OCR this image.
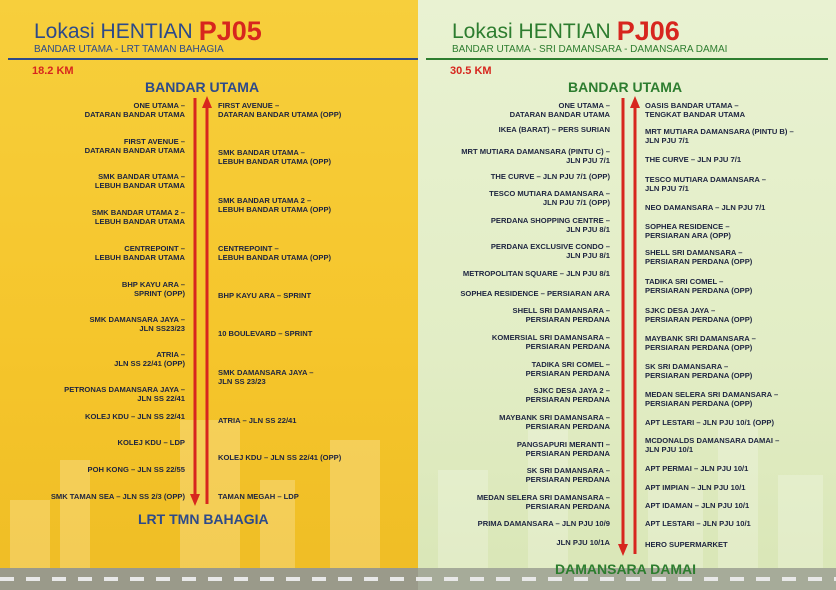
Lokasi HENTIAN PJ05
BANDAR UTAMA - LRT TAMAN BAHAGIA
18.2 KM
BANDAR UTAMA
LRT TMN BAHAGIA
ONE UTAMA –
DATARAN BANDAR UTAMA
FIRST AVENUE –
DATARAN BANDAR UTAMA
SMK BANDAR UTAMA –
LEBUH BANDAR UTAMA
SMK BANDAR UTAMA 2 –
LEBUH BANDAR UTAMA
CENTREPOINT –
LEBUH BANDAR UTAMA
BHP KAYU ARA –
SPRINT (OPP)
SMK DAMANSARA JAYA –
JLN SS23/23
ATRIA –
JLN SS 22/41 (OPP)
PETRONAS DAMANSARA JAYA –
JLN SS 22/41
KOLEJ KDU – JLN SS 22/41
KOLEJ KDU – LDP
POH KONG – JLN SS 22/55
SMK TAMAN SEA – JLN SS 2/3 (OPP)
FIRST AVENUE –
DATARAN BANDAR UTAMA (OPP)
SMK BANDAR UTAMA –
LEBUH BANDAR UTAMA (OPP)
SMK BANDAR UTAMA 2 –
LEBUH BANDAR UTAMA (OPP)
CENTREPOINT –
LEBUH BANDAR UTAMA (OPP)
BHP KAYU ARA – SPRINT
10 BOULEVARD – SPRINT
SMK DAMANSARA JAYA –
JLN SS 23/23
ATRIA – JLN SS 22/41
KOLEJ KDU – JLN SS 22/41 (OPP)
TAMAN MEGAH – LDP
Lokasi HENTIAN PJ06
BANDAR UTAMA - SRI DAMANSARA - DAMANSARA DAMAI
30.5 KM
BANDAR UTAMA
DAMANSARA DAMAI
ONE UTAMA –
DATARAN BANDAR UTAMA
IKEA (BARAT) – PERS SURIAN
MRT MUTIARA DAMANSARA (PINTU C) –
JLN PJU 7/1
THE CURVE – JLN PJU 7/1 (OPP)
TESCO MUTIARA DAMANSARA –
JLN PJU 7/1 (OPP)
PERDANA SHOPPING CENTRE –
JLN PJU 8/1
PERDANA EXCLUSIVE CONDO –
JLN PJU 8/1
METROPOLITAN SQUARE – JLN PJU 8/1
SOPHEA RESIDENCE – PERSIARAN ARA
SHELL SRI DAMANSARA –
PERSIARAN PERDANA
KOMERSIAL SRI DAMANSARA –
PERSIARAN PERDANA
TADIKA SRI COMEL –
PERSIARAN PERDANA
SJKC DESA JAYA 2 –
PERSIARAN PERDANA
MAYBANK SRI DAMANSARA –
PERSIARAN PERDANA
PANGSAPURI MERANTI –
PERSIARAN PERDANA
SK SRI DAMANSARA –
PERSIARAN PERDANA
MEDAN SELERA SRI DAMANSARA –
PERSIARAN PERDANA
PRIMA DAMANSARA – JLN PJU 10/9
JLN PJU 10/1A
OASIS BANDAR UTAMA –
TENGKAT BANDAR UTAMA
MRT MUTIARA DAMANSARA (PINTU B) –
JLN PJU 7/1
THE CURVE – JLN PJU 7/1
TESCO MUTIARA DAMANSARA –
JLN PJU 7/1
NEO DAMANSARA – JLN PJU 7/1
SOPHEA RESIDENCE –
PERSIARAN ARA (OPP)
SHELL SRI DAMANSARA –
PERSIARAN PERDANA (OPP)
TADIKA SRI COMEL –
PERSIARAN PERDANA (OPP)
SJKC DESA JAYA –
PERSIARAN PERDANA (OPP)
MAYBANK SRI DAMANSARA –
PERSIARAN PERDANA (OPP)
SK SRI DAMANSARA –
PERSIARAN PERDANA (OPP)
MEDAN SELERA SRI DAMANSARA –
PERSIARAN PERDANA (OPP)
APT LESTARI – JLN PJU 10/1 (OPP)
MCDONALDS DAMANSARA DAMAI –
JLN PJU 10/1
APT PERMAI – JLN PJU 10/1
APT IMPIAN – JLN PJU 10/1
APT IDAMAN – JLN PJU 10/1
APT LESTARI – JLN PJU 10/1
HERO SUPERMARKET
